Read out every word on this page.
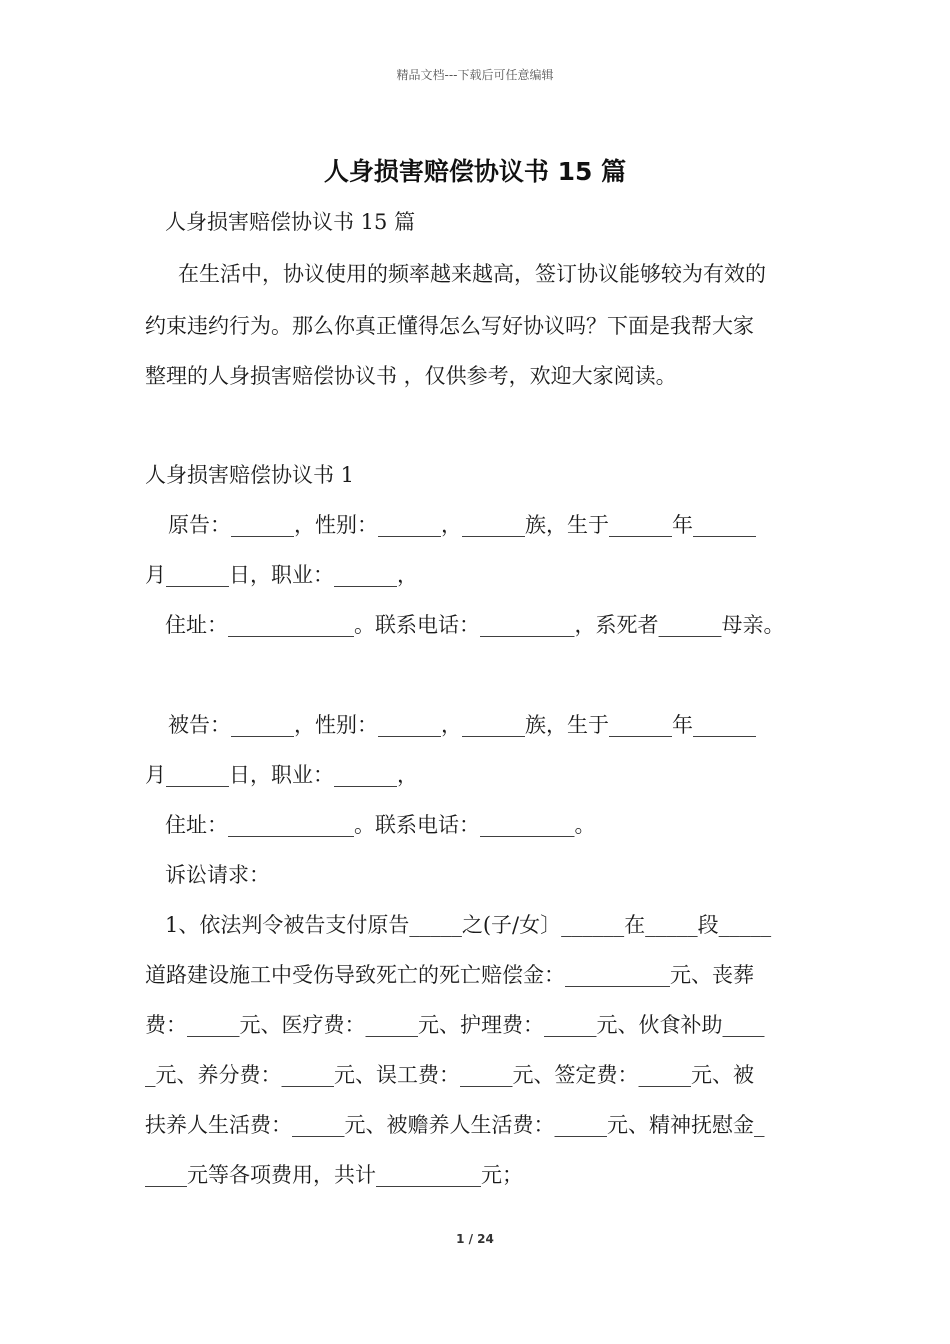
精品文档---下载后可任意编辑
人身损害赔偿协议书 15 篇
人身损害赔偿协议书 15 篇
在生活中，协议使用的频率越来越高，签订协议能够较为有效的
约束违约行为。那么你真正懂得怎么写好协议吗？下面是我帮大家
整理的人身损害赔偿协议书 ，仅供参考，欢迎大家阅读。
人身损害赔偿协议书 1
原告：______，性别：______，______族，生于______年______
月______日，职业：______，
住址：____________。联系电话：_________，系死者______母亲。
被告：______，性别：______，______族，生于______年______
月______日，职业：______，
住址：____________。联系电话：_________。
诉讼请求：
1、依法判令被告支付原告_____之(子/女〕______在_____段_____
道路建设施工中受伤导致死亡的死亡赔偿金：__________元、丧葬
费：_____元、医疗费：_____元、护理费：_____元、伙食补助____
_元、养分费：_____元、误工费：_____元、签定费：_____元、被
扶养人生活费：_____元、被赡养人生活费：_____元、精神抚慰金_
____元等各项费用，共计__________元；
1 / 24
